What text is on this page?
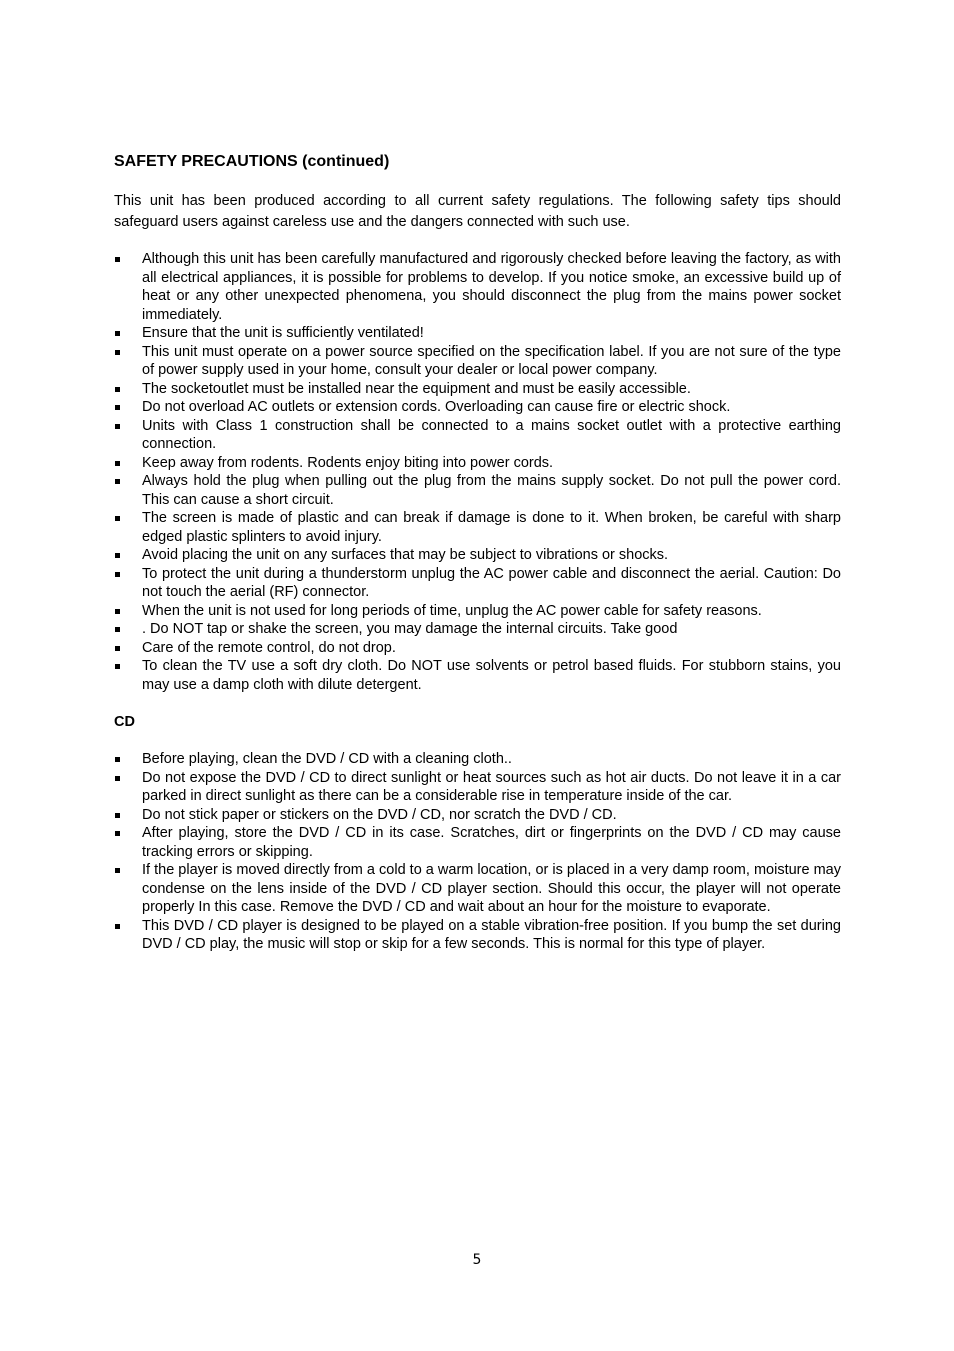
SAFETY PRECAUTIONS (continued)

This unit has been produced according to all current safety regulations. The following safety tips should safeguard users against careless use and the dangers connected with such use.

Although this unit has been carefully manufactured and rigorously checked before leaving the factory, as with all electrical appliances, it is possible for problems to develop. If you notice smoke, an excessive build up of heat or any other unexpected phenomena, you should disconnect the plug from the mains power socket immediately.
Ensure that the unit is sufficiently ventilated!
This unit must operate on a power source specified on the specification label. If you are not sure of the type of power supply used in your home, consult your dealer or local power company.
The socketoutlet must be installed near the equipment and must be easily accessible.
Do not overload AC outlets or extension cords. Overloading can cause fire or electric shock.
Units with Class 1 construction shall be connected to a mains socket outlet with a protective earthing connection.
Keep away from rodents. Rodents enjoy biting into power cords.
Always hold the plug when pulling out the plug from the mains supply socket. Do not pull the power cord. This can cause a short circuit.
The screen is made of plastic and can break if damage is done to it. When broken, be careful with sharp edged plastic splinters to avoid injury.
Avoid placing the unit on any surfaces that may be subject to vibrations or shocks.
To protect the unit during a thunderstorm unplug the AC power cable and disconnect the aerial. Caution: Do not touch the aerial (RF) connector.
When the unit is not used for long periods of time, unplug the AC power cable for safety reasons.
. Do NOT tap or shake the screen, you may damage the internal circuits. Take good
Care of the remote control, do not drop.
To clean the TV use a soft dry cloth. Do NOT use solvents or petrol based fluids. For stubborn stains, you may use a damp cloth with dilute detergent.
CD
Before playing, clean the DVD / CD with a cleaning cloth..
Do not expose the DVD / CD to direct sunlight or heat sources such as hot air ducts. Do not leave it in a car parked in direct sunlight as there can be a considerable rise in temperature inside of the car.
Do not stick paper or stickers on the DVD / CD, nor scratch the DVD / CD.
After playing, store the DVD / CD in its case. Scratches, dirt or fingerprints on the DVD / CD may cause tracking errors or skipping.
If the player is moved directly from a cold to a warm location, or is placed in a very damp room, moisture may condense on the lens inside of the DVD / CD player section. Should this occur, the player will not operate properly In this case. Remove the DVD / CD and wait about an hour for the moisture to evaporate.
This DVD / CD player is designed to be played on a stable vibration-free position. If you bump the set during DVD / CD play, the music will stop or skip for a few seconds. This is normal for this type of player.
5
